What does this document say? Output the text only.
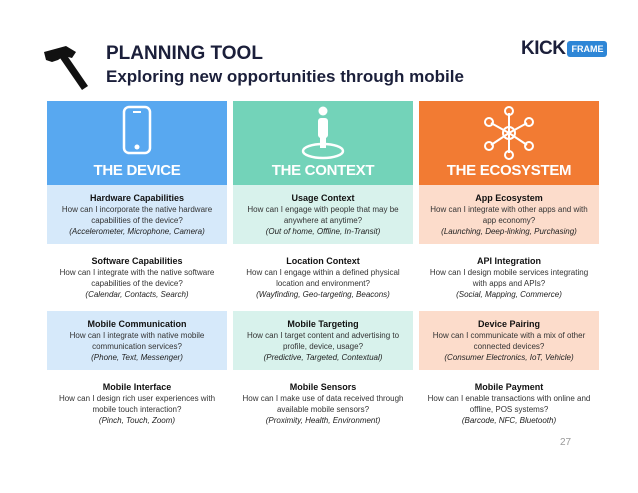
PLANNING TOOL
Exploring new opportunities through mobile
KICK FRAME
THE DEVICE
Hardware Capabilities
How can I incorporate the native hardware capabilities of the device?
(Accelerometer, Microphone, Camera)
Software Capabilities
How can I integrate with the native software capabilities of the device?
(Calendar, Contacts, Search)
Mobile Communication
How can I integrate with native mobile communication services?
(Phone, Text, Messenger)
Mobile Interface
How can I design rich user experiences with mobile touch interaction?
(Pinch, Touch, Zoom)
THE CONTEXT
Usage Context
How can I engage with people that may be anywhere at anytime?
(Out of home, Offline, In-Transit)
Location Context
How can I engage within a defined physical location and environment?
(Wayfinding, Geo-targeting, Beacons)
Mobile Targeting
How can I target content and advertising to profile, device, usage?
(Predictive, Targeted, Contextual)
Mobile Sensors
How can I make use of data received through available mobile sensors?
(Proximity, Health, Environment)
THE ECOSYSTEM
App Ecosystem
How can I integrate with other apps and with app economy?
(Launching, Deep-linking, Purchasing)
API Integration
How can I design mobile services integrating with apps and APIs?
(Social, Mapping, Commerce)
Device Pairing
How can I communicate with a mix of other connected devices?
(Consumer Electronics, IoT, Vehicle)
Mobile Payment
How can I enable transactions with online and offline, POS systems?
(Barcode, NFC, Bluetooth)
27
